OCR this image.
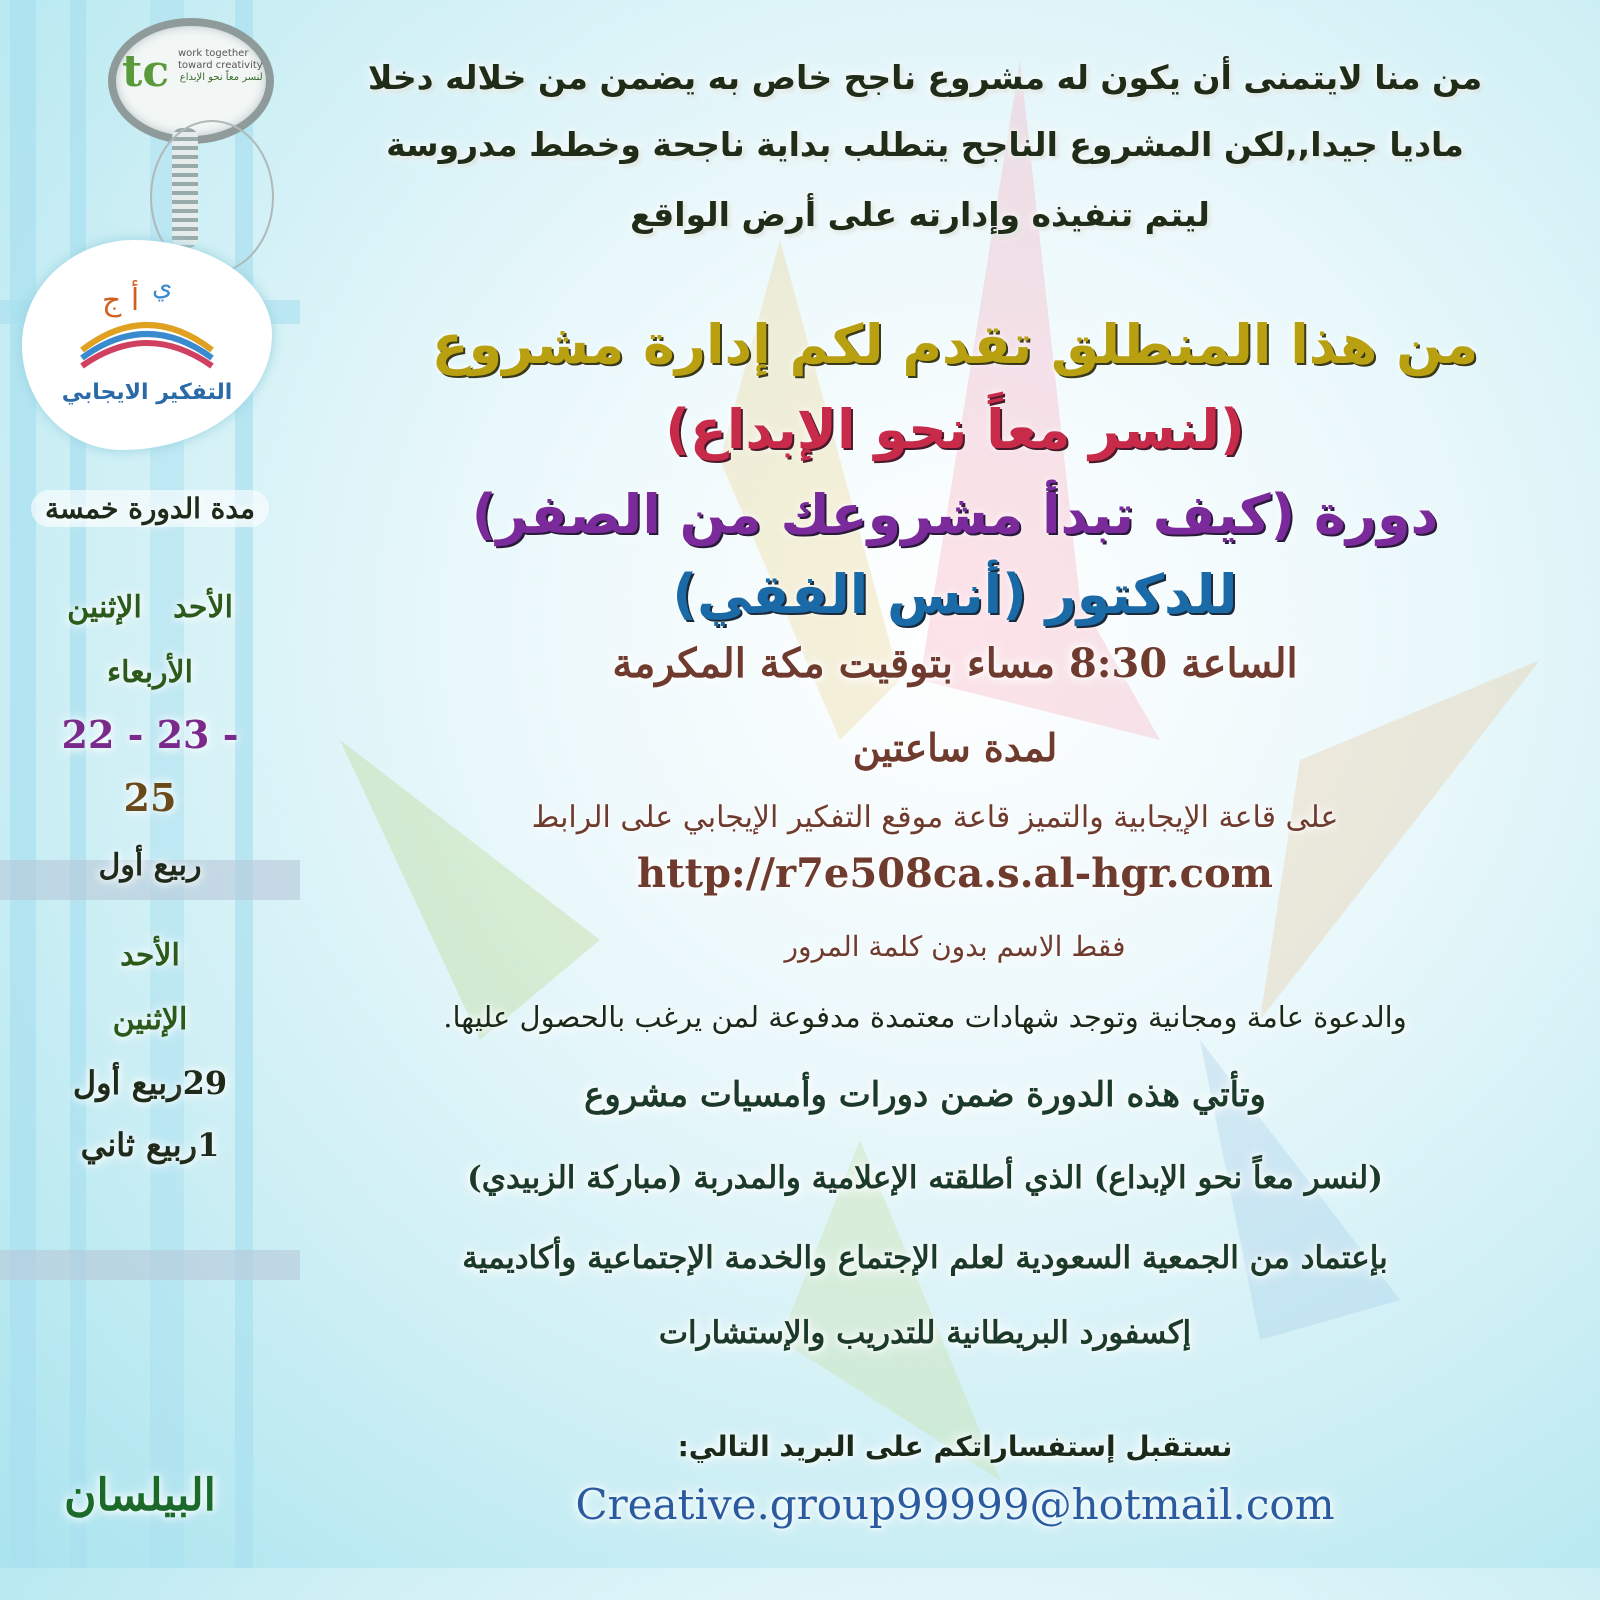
tc work together
toward creativity
لنسر معاً نحو الإبداع
أ ج ي
التفكير الايجابي
مدة الدورة خمسة
الأحد   الإثنين
الأربعاء
22 - 23 -
25
ربيع أول
الأحد
الإثنين
29ربيع أول
1ربيع ثاني
البيلسان
من منا لايتمنى أن يكون له مشروع ناجح خاص به يضمن من خلاله دخلا
ماديا جيدا,,لكن المشروع الناجح يتطلب بداية ناجحة وخطط مدروسة
ليتم تنفيذه وإدارته على أرض الواقع
من هذا المنطلق تقدم لكم إدارة مشروع
(لنسر معاً نحو الإبداع)
دورة (كيف تبدأ مشروعك من الصفر)
للدكتور (أنس الفقي)
الساعة 8:30 مساء بتوقيت مكة المكرمة
لمدة ساعتين
على قاعة الإيجابية والتميز قاعة موقع التفكير الإيجابي على الرابط
http://r7e508ca.s.al-hgr.com
فقط الاسم بدون كلمة المرور
والدعوة عامة ومجانية وتوجد شهادات معتمدة مدفوعة لمن يرغب بالحصول عليها.
وتأتي هذه الدورة ضمن دورات وأمسيات مشروع
(لنسر معاً نحو الإبداع) الذي أطلقته الإعلامية والمدربة (مباركة الزبيدي)
بإعتماد من الجمعية السعودية لعلم الإجتماع والخدمة الإجتماعية وأكاديمية
إكسفورد البريطانية للتدريب والإستشارات
نستقبل إستفساراتكم على البريد التالي:
Creative.group99999@hotmail.com
